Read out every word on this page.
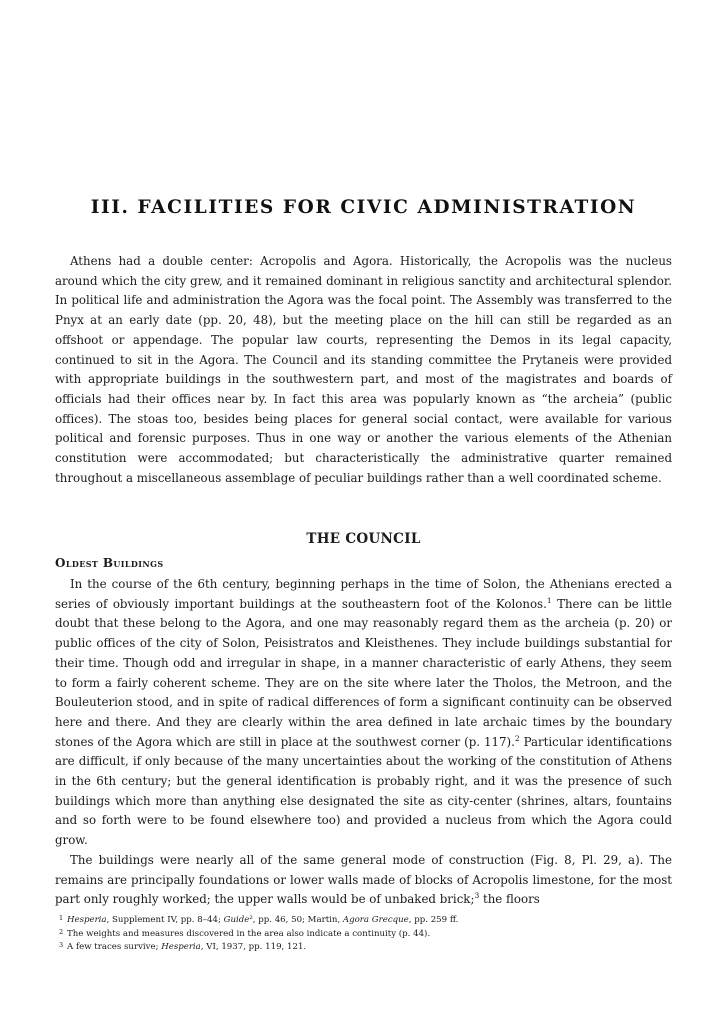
III. FACILITIES FOR CIVIC ADMINISTRATION

Athens had a double center: Acropolis and Agora. Historically, the Acropolis was the nucleus around which the city grew, and it remained dominant in religious sanctity and architectural splendor. In political life and administration the Agora was the focal point. The Assembly was transferred to the Pnyx at an early date (pp. 20, 48), but the meeting place on the hill can still be regarded as an offshoot or appendage. The popular law courts, representing the Demos in its legal capacity, continued to sit in the Agora. The Council and its standing committee the Prytaneis were provided with appropriate buildings in the southwestern part, and most of the magistrates and boards of officials had their offices near by. In fact this area was popularly known as “the archeia” (public offices). The stoas too, besides being places for general social contact, were available for various political and forensic purposes. Thus in one way or another the various elements of the Athenian constitution were accommodated; but characteristically the administrative quarter remained throughout a miscellaneous assemblage of peculiar buildings rather than a well coordinated scheme.

THE COUNCIL
Oldest Buildings

In the course of the 6th century, beginning perhaps in the time of Solon, the Athenians erected a series of obviously important buildings at the southeastern foot of the Kolonos.$^1$ There can be little doubt that these belong to the Agora, and one may reasonably regard them as the archeia (p. 20) or public offices of the city of Solon, Peisistratos and Kleisthenes. They include buildings substantial for their time. Though odd and irregular in shape, in a manner characteristic of early Athens, they seem to form a fairly coherent scheme. They are on the site where later the Tholos, the Metroon, and the Bouleuterion stood, and in spite of radical differences of form a significant continuity can be observed here and there. And they are clearly within the area defined in late archaic times by the boundary stones of the Agora which are still in place at the southwest corner (p. 117).$^2$ Particular identifications are difficult, if only because of the many uncertainties about the working of the constitution of Athens in the 6th century; but the general identification is probably right, and it was the presence of such buildings which more than anything else designated the site as city-center (shrines, altars, fountains and so forth were to be found elsewhere too) and provided a nucleus from which the Agora could grow.

The buildings were nearly all of the same general mode of construction (Fig. 8, Pl. 29, a). The remains are principally foundations or lower walls made of blocks of Acropolis limestone, for the most part only roughly worked; the upper walls would be of unbaked brick;$^3$ the floors

1 Hesperia, Supplement IV, pp. 8–44; Guide², pp. 46, 50; Martin, Agora Grecque, pp. 259 ff.
2 The weights and measures discovered in the area also indicate a continuity (p. 44).
3 A few traces survive; Hesperia, VI, 1937, pp. 119, 121.
